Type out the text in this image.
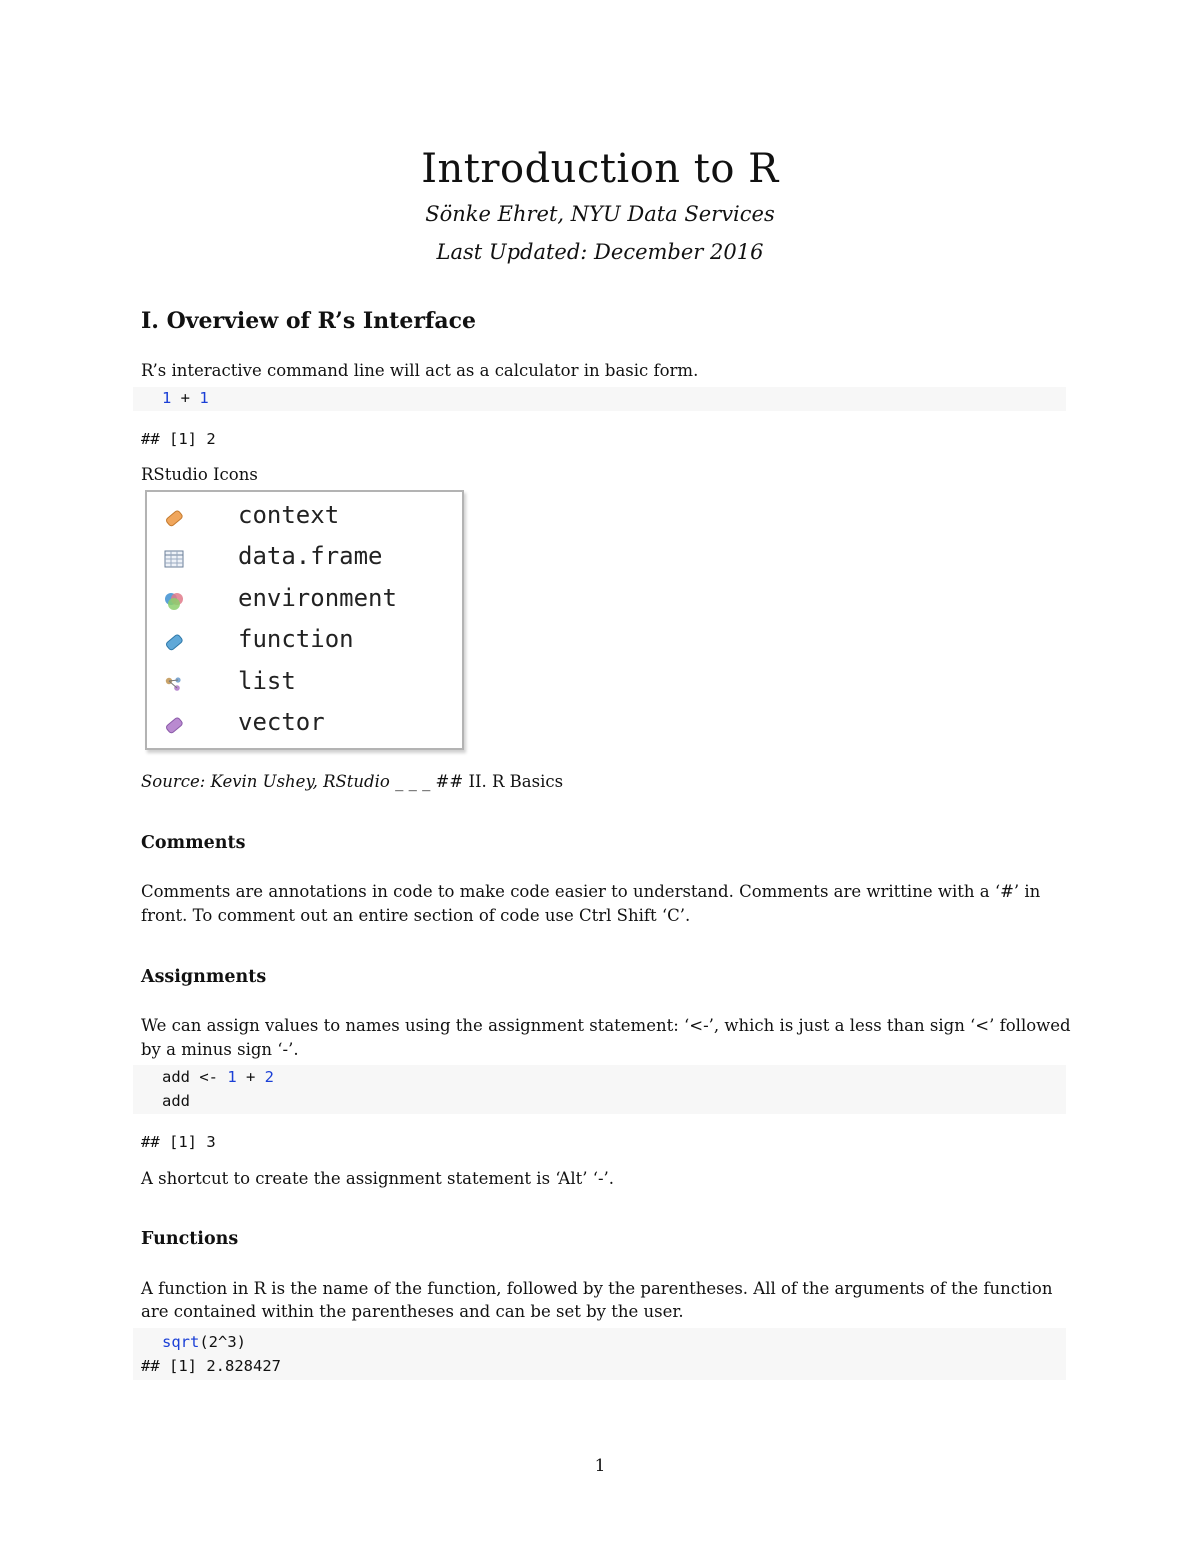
Introduction to R
Sönke Ehret, NYU Data Services
Last Updated: December 2016
I. Overview of R’s Interface
R’s interactive command line will act as a calculator in basic form.
1 + 1
## [1] 2
RStudio Icons
context
data.frame
environment
function
list
vector
Source: Kevin Ushey, RStudio _ _ _ ## II. R Basics
Comments
Comments are annotations in code to make code easier to understand. Comments are writtine with a ‘#’ in
front. To comment out an entire section of code use Ctrl Shift ‘C’.
Assignments
We can assign values to names using the assignment statement: ‘<-’, which is just a less than sign ‘<’ followed
by a minus sign ‘-’.
add <- 1 + 2
add
## [1] 3
A shortcut to create the assignment statement is ‘Alt’ ‘-’.
Functions
A function in R is the name of the function, followed by the parentheses. All of the arguments of the function
are contained within the parentheses and can be set by the user.
sqrt(2^3)
## [1] 2.828427
1
